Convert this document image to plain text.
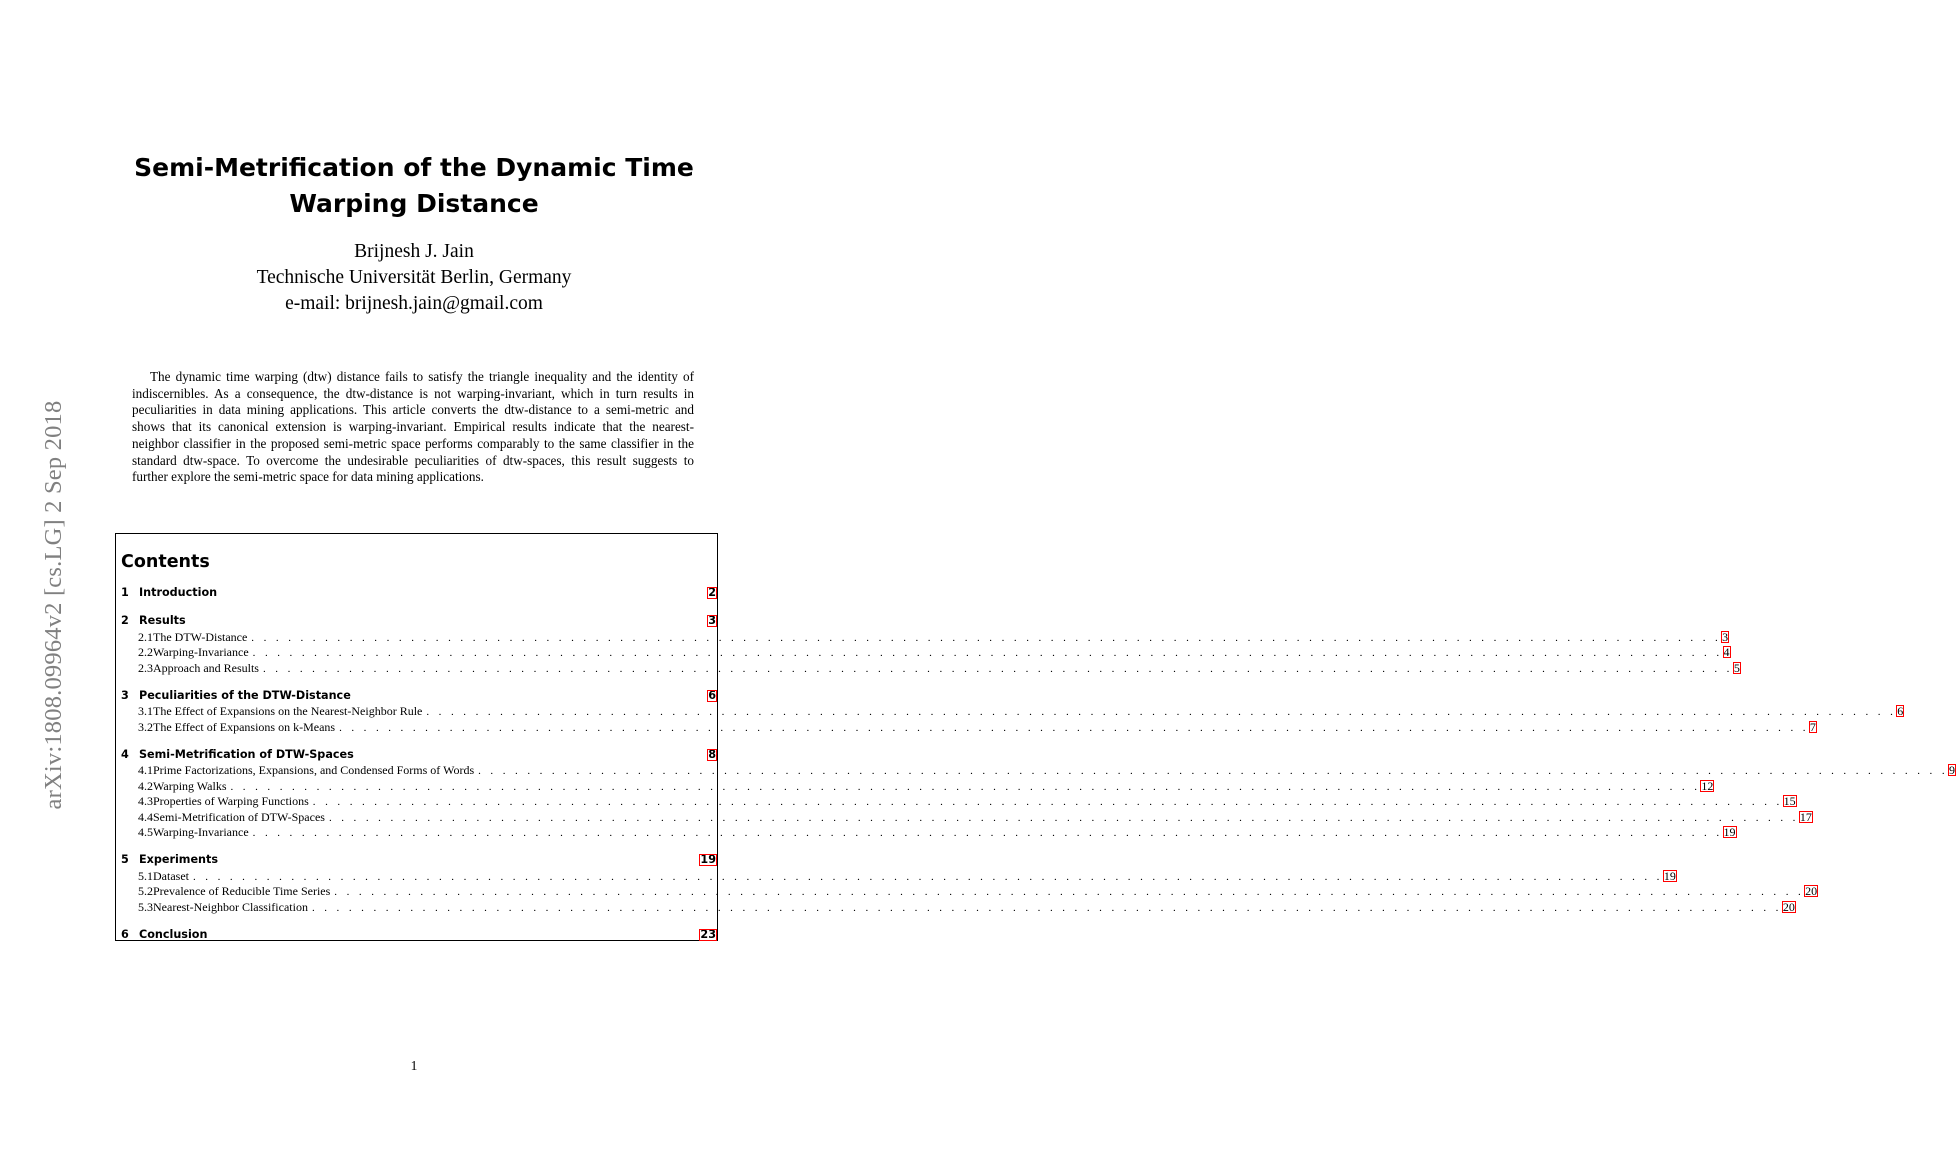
arXiv:1808.09964v2 [cs.LG] 2 Sep 2018
Semi-Metrification of the Dynamic Time
Warping Distance
Brijnesh J. Jain
Technische Universität Berlin, Germany
e-mail: brijnesh.jain@gmail.com
The dynamic time warping (dtw) distance fails to satisfy the triangle inequality and the identity of indiscernibles. As a consequence, the dtw-distance is not warping-invariant, which in turn results in peculiarities in data mining applications. This article converts the dtw-distance to a semi-metric and shows that its canonical extension is warping-invariant. Empirical results indicate that the nearest-neighbor classifier in the proposed semi-metric space performs comparably to the same classifier in the standard dtw-space. To overcome the undesirable peculiarities of dtw-spaces, this result suggests to further explore the semi-metric space for data mining applications.
Contents
1 Introduction	2
2 Results	3
2.1 The DTW-Distance . . . . . . . . . . . . . . . . . . . . . . . . . . . . . . . . . . . . . . . . . . . . . . . . . . . . . . . . . . . . . . . . . . . . . . . . . . . . . . . . . . . . . . . . . . . . . . . . . . . . . . . . . . . . . . . . . . . . . . . . 3
2.2 Warping-Invariance . . . . . . . . . . . . . . . . . . . . . . . . . . . . . . . . . . . . . . . . . . . . . . . . . . . . . . . . . . . . . . . . . . . . . . . . . . . . . . . . . . . . . . . . . . . . . . . . . . . . . . . . . . . . . . . . . . . . . . . . 4
2.3 Approach and Results . . . . . . . . . . . . . . . . . . . . . . . . . . . . . . . . . . . . . . . . . . . . . . . . . . . . . . . . . . . . . . . . . . . . . . . . . . . . . . . . . . . . . . . . . . . . . . . . . . . . . . . . . . . . . . . . . . . . . . . . 5
3 Peculiarities of the DTW-Distance	6
3.1 The Effect of Expansions on the Nearest-Neighbor Rule . . . . . . . . . . . . . . . . . . . . . . . . . . . . . . . . . . . . . . . . . . . . . . . . . . . . . . . . . . . . . . . . . . . . . . . . . . . . . . . . . . . . . . . . . . . . . . . . . . . . . . . . . . . . . . . . . . . . . . . . 6
3.2 The Effect of Expansions on k-Means . . . . . . . . . . . . . . . . . . . . . . . . . . . . . . . . . . . . . . . . . . . . . . . . . . . . . . . . . . . . . . . . . . . . . . . . . . . . . . . . . . . . . . . . . . . . . . . . . . . . . . . . . . . . . . . . . . . . . . . . 7
4 Semi-Metrification of DTW-Spaces	8
4.1 Prime Factorizations, Expansions, and Condensed Forms of Words . . . . . . . . . . . . . . . . . . . . . . . . . . . . . . . . . . . . . . . . . . . . . . . . . . . . . . . . . . . . . . . . . . . . . . . . . . . . . . . . . . . . . . . . . . . . . . . . . . . . . . . . . . . . . . . . . . . . . . . . 9
4.2 Warping Walks . . . . . . . . . . . . . . . . . . . . . . . . . . . . . . . . . . . . . . . . . . . . . . . . . . . . . . . . . . . . . . . . . . . . . . . . . . . . . . . . . . . . . . . . . . . . . . . . . . . . . . . . . . . . . . . . . . . . . . . . 12
4.3 Properties of Warping Functions . . . . . . . . . . . . . . . . . . . . . . . . . . . . . . . . . . . . . . . . . . . . . . . . . . . . . . . . . . . . . . . . . . . . . . . . . . . . . . . . . . . . . . . . . . . . . . . . . . . . . . . . . . . . . . . . . . . . . . . . 15
4.4 Semi-Metrification of DTW-Spaces . . . . . . . . . . . . . . . . . . . . . . . . . . . . . . . . . . . . . . . . . . . . . . . . . . . . . . . . . . . . . . . . . . . . . . . . . . . . . . . . . . . . . . . . . . . . . . . . . . . . . . . . . . . . . . . . . . . . . . . . 17
4.5 Warping-Invariance . . . . . . . . . . . . . . . . . . . . . . . . . . . . . . . . . . . . . . . . . . . . . . . . . . . . . . . . . . . . . . . . . . . . . . . . . . . . . . . . . . . . . . . . . . . . . . . . . . . . . . . . . . . . . . . . . . . . . . . . 19
5 Experiments	19
5.1 Dataset . . . . . . . . . . . . . . . . . . . . . . . . . . . . . . . . . . . . . . . . . . . . . . . . . . . . . . . . . . . . . . . . . . . . . . . . . . . . . . . . . . . . . . . . . . . . . . . . . . . . . . . . . . . . . . . . . . . . . . . . 19
5.2 Prevalence of Reducible Time Series . . . . . . . . . . . . . . . . . . . . . . . . . . . . . . . . . . . . . . . . . . . . . . . . . . . . . . . . . . . . . . . . . . . . . . . . . . . . . . . . . . . . . . . . . . . . . . . . . . . . . . . . . . . . . . . . . . . . . . . . 20
5.3 Nearest-Neighbor Classification . . . . . . . . . . . . . . . . . . . . . . . . . . . . . . . . . . . . . . . . . . . . . . . . . . . . . . . . . . . . . . . . . . . . . . . . . . . . . . . . . . . . . . . . . . . . . . . . . . . . . . . . . . . . . . . . . . . . . . . . 20
6 Conclusion	23
1
